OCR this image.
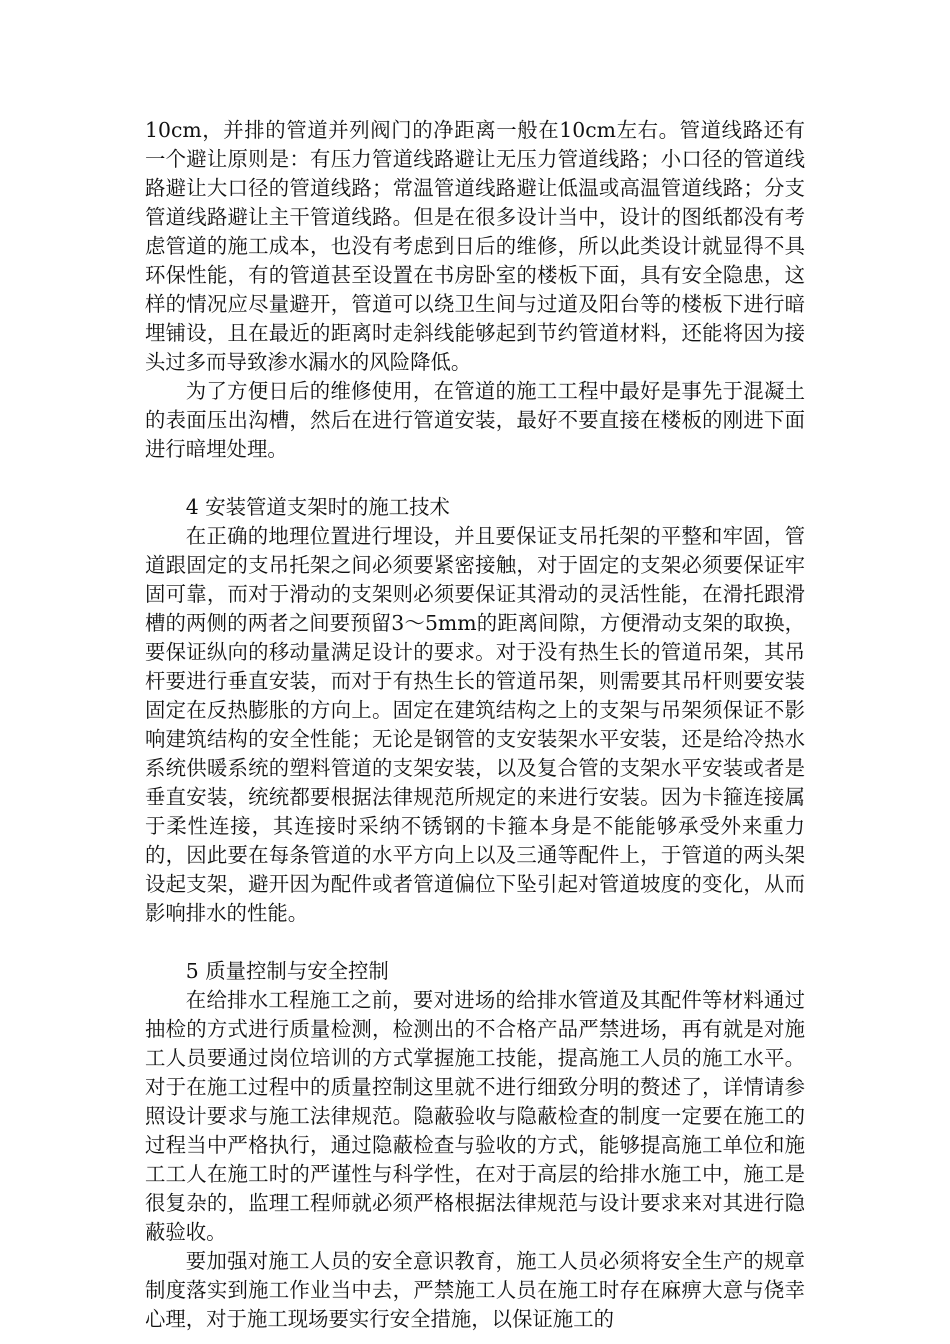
10cm，并排的管道并列阀门的净距离一般在10cm左右。管道线路还有一个避让原则是：有压力管道线路避让无压力管道线路；小口径的管道线路避让大口径的管道线路；常温管道线路避让低温或高温管道线路；分支管道线路避让主干管道线路。但是在很多设计当中，设计的图纸都没有考虑管道的施工成本，也没有考虑到日后的维修，所以此类设计就显得不具环保性能，有的管道甚至设置在书房卧室的楼板下面，具有安全隐患，这样的情况应尽量避开，管道可以绕卫生间与过道及阳台等的楼板下进行暗埋铺设，且在最近的距离时走斜线能够起到节约管道材料，还能将因为接头过多而导致渗水漏水的风险降低。

为了方便日后的维修使用，在管道的施工工程中最好是事先于混凝土的表面压出沟槽，然后在进行管道安装，最好不要直接在楼板的刚进下面进行暗埋处理。

4 安装管道支架时的施工技术

在正确的地理位置进行埋设，并且要保证支吊托架的平整和牢固，管道跟固定的支吊托架之间必须要紧密接触，对于固定的支架必须要保证牢固可靠，而对于滑动的支架则必须要保证其滑动的灵活性能，在滑托跟滑槽的两侧的两者之间要预留3～5mm的距离间隙，方便滑动支架的取换，要保证纵向的移动量满足设计的要求。对于没有热生长的管道吊架，其吊杆要进行垂直安装，而对于有热生长的管道吊架，则需要其吊杆则要安装固定在反热膨胀的方向上。固定在建筑结构之上的支架与吊架须保证不影响建筑结构的安全性能；无论是钢管的支安装架水平安装，还是给冷热水系统供暖系统的塑料管道的支架安装，以及复合管的支架水平安装或者是垂直安装，统统都要根据法律规范所规定的来进行安装。因为卡箍连接属于柔性连接，其连接时采纳不锈钢的卡箍本身是不能能够承受外来重力的，因此要在每条管道的水平方向上以及三通等配件上，于管道的两头架设起支架，避开因为配件或者管道偏位下坠引起对管道坡度的变化，从而影响排水的性能。

5 质量控制与安全控制

在给排水工程施工之前，要对进场的给排水管道及其配件等材料通过抽检的方式进行质量检测，检测出的不合格产品严禁进场，再有就是对施工人员要通过岗位培训的方式掌握施工技能，提高施工人员的施工水平。对于在施工过程中的质量控制这里就不进行细致分明的赘述了，详情请参照设计要求与施工法律规范。隐蔽验收与隐蔽检查的制度一定要在施工的过程当中严格执行，通过隐蔽检查与验收的方式，能够提高施工单位和施工工人在施工时的严谨性与科学性，在对于高层的给排水施工中，施工是很复杂的，监理工程师就必须严格根据法律规范与设计要求来对其进行隐蔽验收。

要加强对施工人员的安全意识教育，施工人员必须将安全生产的规章制度落实到施工作业当中去，严禁施工人员在施工时存在麻痹大意与侥幸心理，对于施工现场要实行安全措施，以保证施工的
